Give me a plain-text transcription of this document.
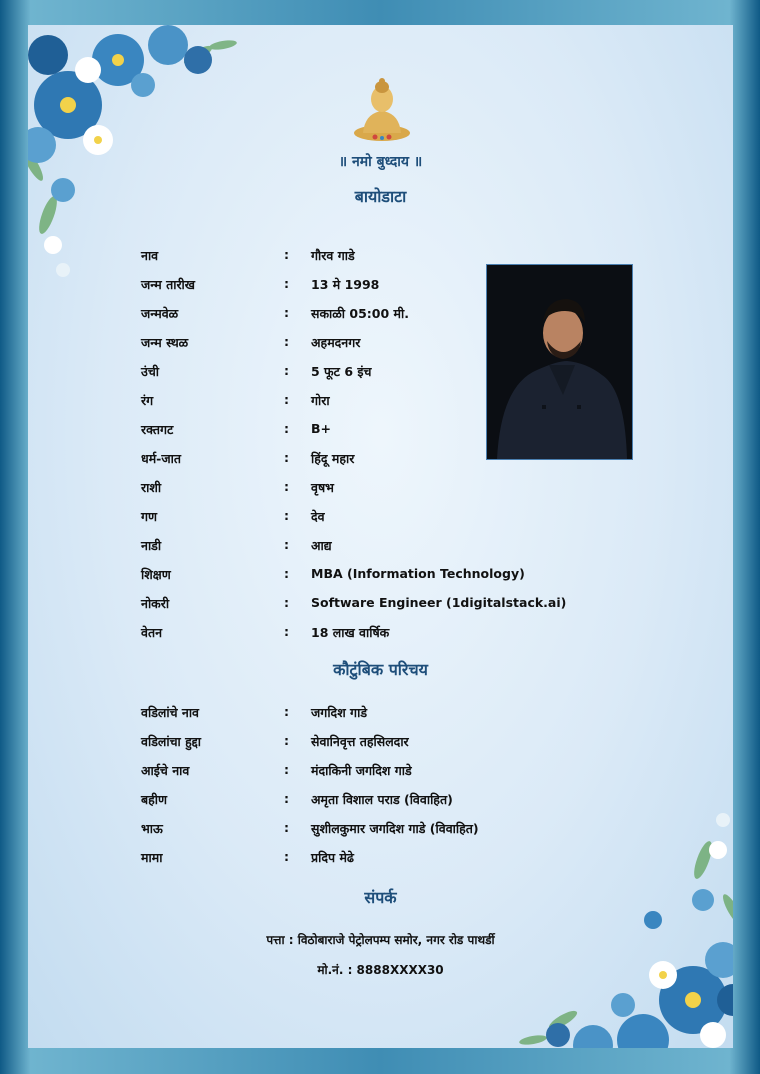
॥ नमो बुध्दाय ॥
बायोडाटा
नाव	: गौरव गाडे
जन्म तारीख	: 13 मे 1998
जन्मवेळ	: सकाळी 05:00 मी.
जन्म स्थळ	: अहमदनगर
उंची	: 5 फूट 6 इंच
रंग	: गोरा
रक्तगट	: B+
धर्म-जात	: हिंदू महार
राशी	: वृषभ
गण	: देव
नाडी	: आद्य
शिक्षण	: MBA (Information Technology)
नोकरी	: Software Engineer (1digitalstack.ai)
वेतन	: 18 लाख वार्षिक
कौटुंबिक परिचय
वडिलांचे नाव	: जगदिश गाडे
वडिलांचा हुद्दा	: सेवानिवृत्त तहसिलदार
आईचे नाव	: मंदाकिनी जगदिश गाडे
बहीण	: अमृता विशाल पराड (विवाहित)
भाऊ	: सुशीलकुमार जगदिश गाडे (विवाहित)
मामा	: प्रदिप मेढे
संपर्क
पत्ता : विठोबाराजे पेट्रोलपम्प समोर, नगर रोड पाथर्डी
मो.नं. : 8888XXXX30
